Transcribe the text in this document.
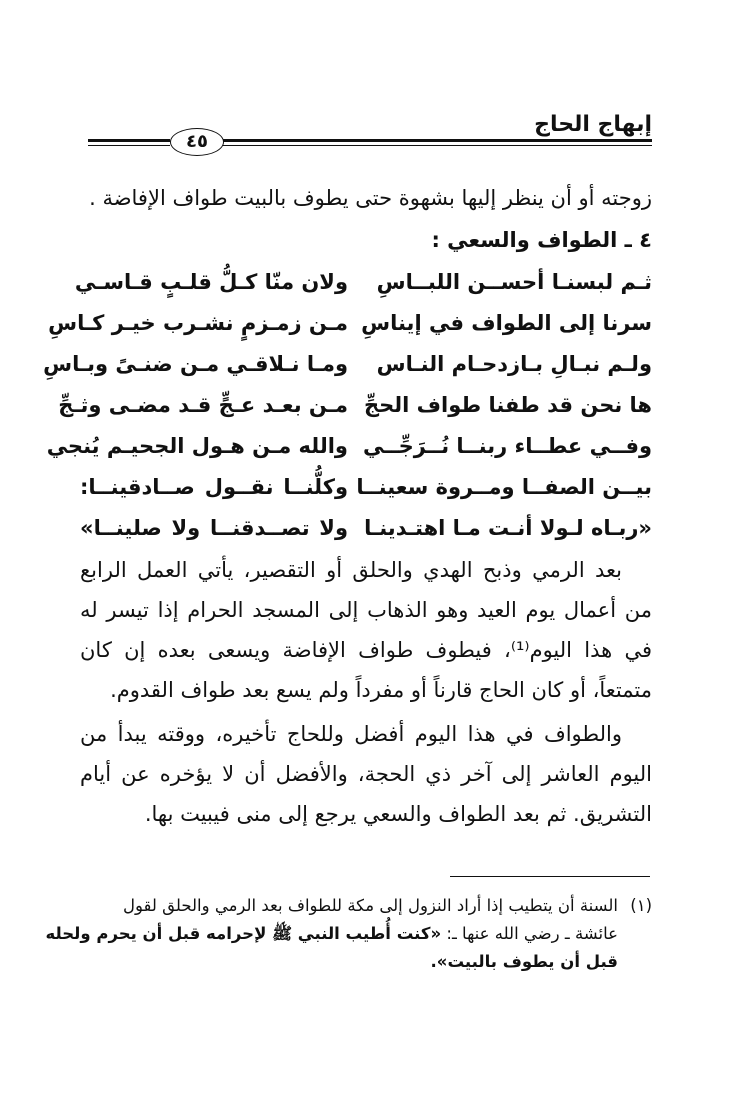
إبهاج الحاج
٤٥
زوجته أو أن ينظر إليها بشهوة حتى يطوف بالبيت طواف الإفاضة .
٤ ـ الطواف والسعي :
ثـم لبسنـا أحســن اللبــاسِ
ولان منّا كـلُّ قلـبٍ قـاسـي
سرنا إلى الطواف في إيناسِ
مـن زمـزمٍ نشـرب خيـر كـاسِ
ولـم نبـالِ بـازدحـام النـاس
ومـا نـلاقـي مـن ضنـىً وبـاسِ
ها نحن قد طفنا طواف الحجِّ
مـن بعـد عـجٍّ قـد مضـى وثـجِّ
وفــي عطــاء ربنــا نُــرَجِّــي
والله مـن هـول الجحيـم يُنجي
بيــن الصفــا ومــروة سعينــا
وكلُّنــا نقــول صــادقينــا:
«ربـاه لـولا أنـت مـا اهتـدينـا
ولا تصــدقنــا ولا صلينــا»
بعد الرمي وذبح الهدي والحلق أو التقصير، يأتي العمل الرابع
من أعمال يوم العيد وهو الذهاب إلى المسجد الحرام إذا تيسر له
في هذا اليوم⁽¹⁾، فيطوف طواف الإفاضة ويسعى بعده إن كان
متمتعاً، أو كان الحاج قارناً أو مفرداً ولم يسع بعد طواف القدوم.
والطواف في هذا اليوم أفضل وللحاج تأخيره، ووقته يبدأ من
اليوم العاشر إلى آخر ذي الحجة، والأفضل أن لا يؤخره عن أيام
التشريق. ثم بعد الطواف والسعي يرجع إلى منى فيبيت بها.
(١)السنة أن يتطيب إذا أراد النزول إلى مكة للطواف بعد الرمي والحلق لقول
عائشة ـ رضي الله عنها ـ: «كنت أُطيب النبي ﷺ لإحرامه قبل أن يحرم ولحله
قبل أن يطوف بالبيت».
